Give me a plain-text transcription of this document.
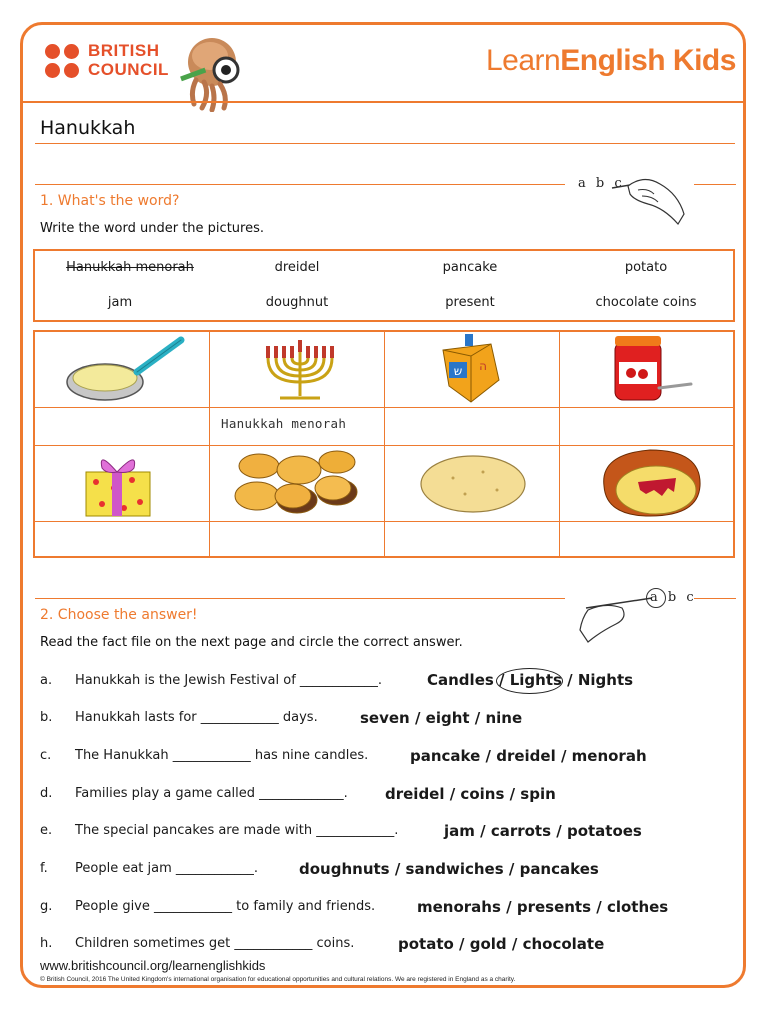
BRITISH
COUNCIL	LearnEnglish Kids
Hanukkah
a b c
1. What's the word?
Write the word under the pictures.
Hanukkah menorah	dreidel	pancake	potato
jam	doughnut	present	chocolate coins
ש ה
Hanukkah menorah
a b c
2. Choose the answer!
Read the fact file on the next page and circle the correct answer.
a. Hanukkah is the Jewish Festival of ____________.	Candles / Lights / Nights
b. Hanukkah lasts for ____________ days.	seven / eight / nine
c. The Hanukkah ____________ has nine candles.	pancake / dreidel / menorah
d. Families play a game called _____________. dreidel / coins / spin
e. The special pancakes are made with ____________.	jam / carrots / potatoes
f. People eat jam ____________.	doughnuts / sandwiches / pancakes
g. People give ____________ to family and friends.	menorahs / presents / clothes
h. Children sometimes get ____________ coins.	potato / gold / chocolate
www.britishcouncil.org/learnenglishkids
© British Council, 2016 The United Kingdom's international organisation for educational opportunities and cultural relations. We are registered in England as a charity.
